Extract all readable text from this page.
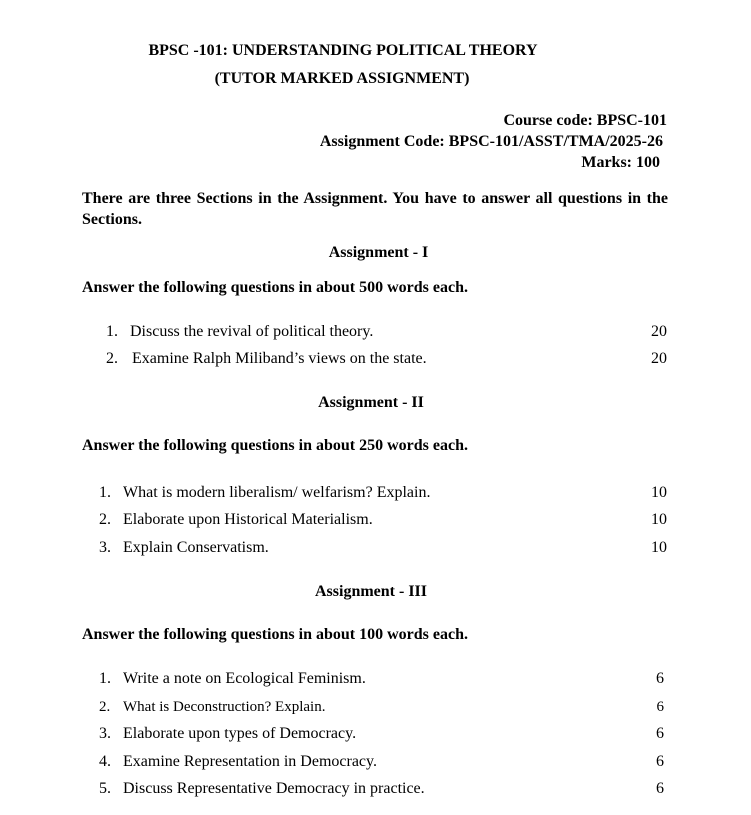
BPSC -101: UNDERSTANDING POLITICAL THEORY
(TUTOR MARKED ASSIGNMENT)
Course code: BPSC-101
Assignment Code: BPSC-101/ASST/TMA/2025-26
Marks: 100
There are three Sections in the Assignment. You have to answer all questions in the Sections.
Assignment - I
Answer the following questions in about 500 words each.
1. Discuss the revival of political theory.	20
2. Examine Ralph Miliband’s views on the state.	20
Assignment - II
Answer the following questions in about 250 words each.
1. What is modern liberalism/ welfarism? Explain.	10
2. Elaborate upon Historical Materialism.	10
3. Explain Conservatism.	10
Assignment - III
Answer the following questions in about 100 words each.
1. Write a note on Ecological Feminism.	6
2. What is Deconstruction? Explain.	6
3. Elaborate upon types of Democracy.	6
4. Examine Representation in Democracy.	6
5. Discuss Representative Democracy in practice.	6
